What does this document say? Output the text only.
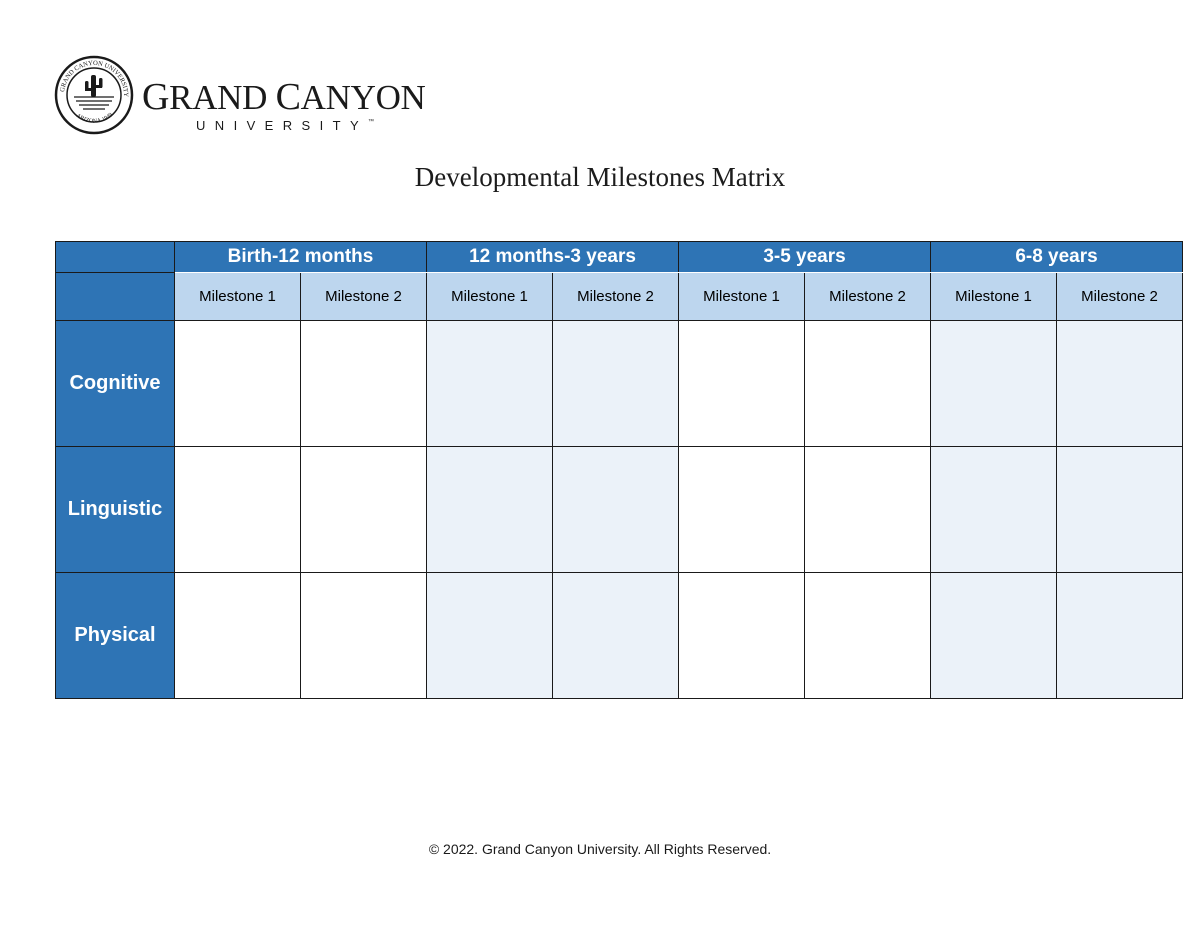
GRAND CANYON UNIVERSITY
ARIZONA 1949 GRAND CANYON
UNIVERSITY™
Developmental Milestones Matrix
	Birth-12 months		12 months-3 years		3-5 years		6-8 years	
	Milestone 1	Milestone 2	Milestone 1	Milestone 2	Milestone 1	Milestone 2	Milestone 1	Milestone 2
Cognitive								
Linguistic								
Physical								
© 2022. Grand Canyon University. All Rights Reserved.
